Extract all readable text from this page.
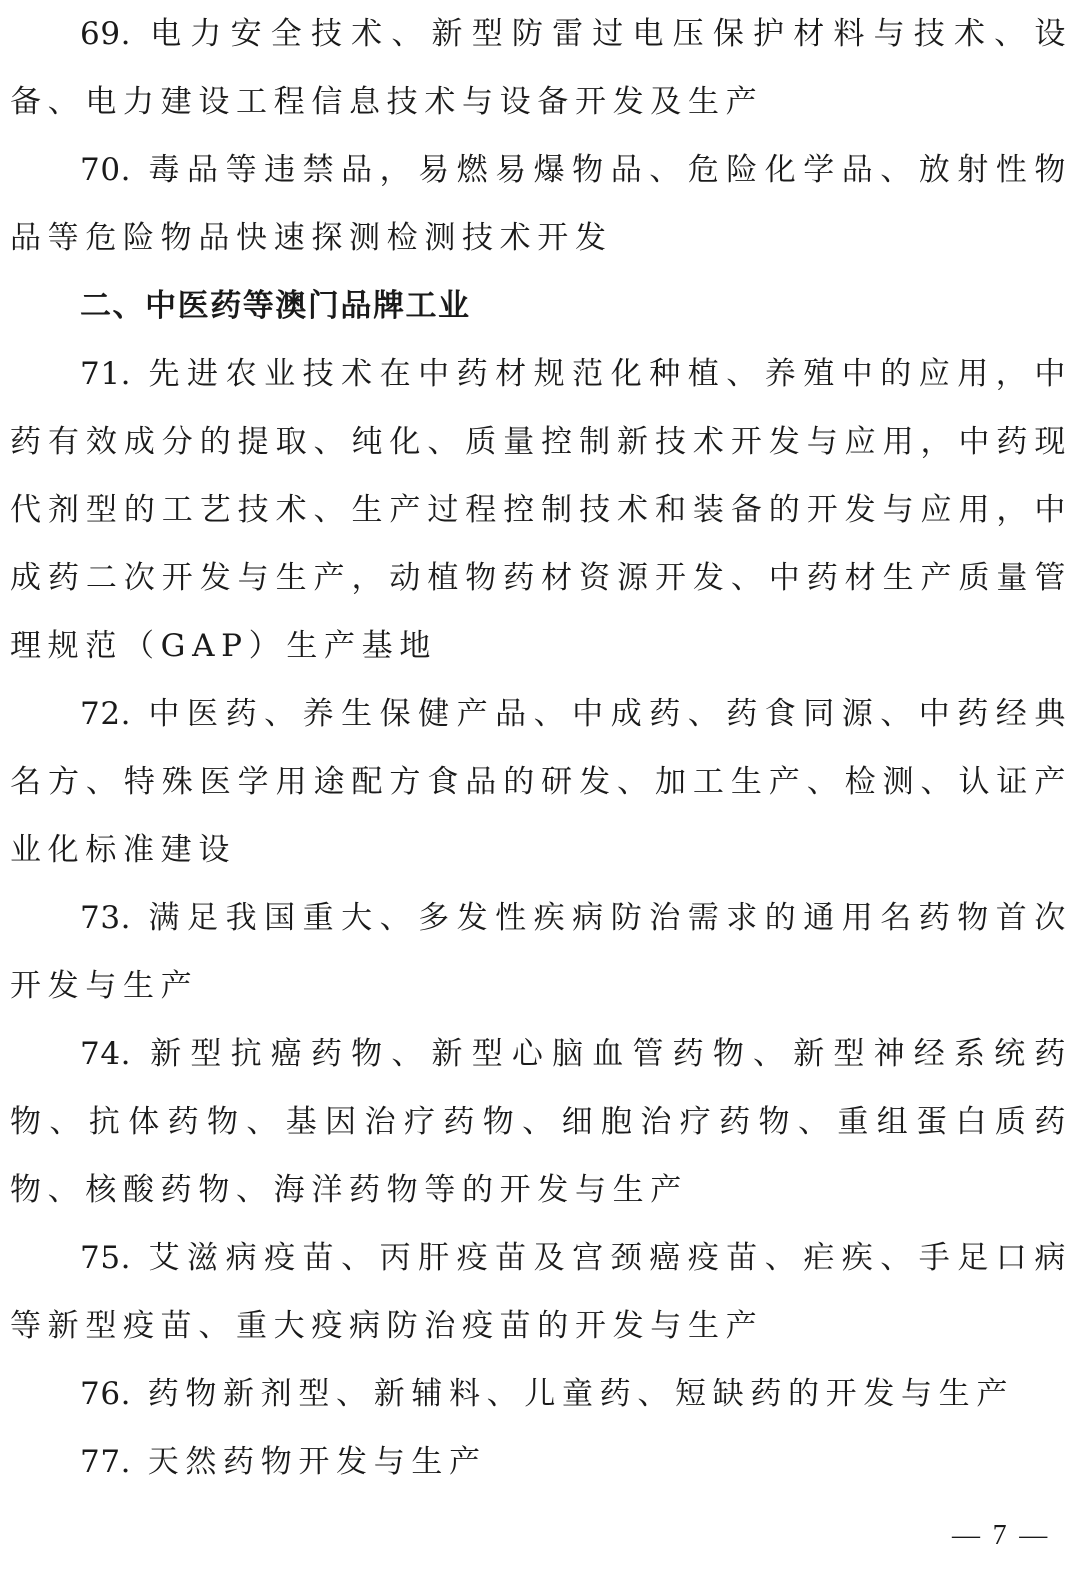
69. 电力安全技术、新型防雷过电压保护材料与技术、设备、电力建设工程信息技术与设备开发及生产

70. 毒品等违禁品，易燃易爆物品、危险化学品、放射性物品等危险物品快速探测检测技术开发

二、中医药等澳门品牌工业

71. 先进农业技术在中药材规范化种植、养殖中的应用，中药有效成分的提取、纯化、质量控制新技术开发与应用，中药现代剂型的工艺技术、生产过程控制技术和装备的开发与应用，中成药二次开发与生产，动植物药材资源开发、中药材生产质量管理规范（GAP）生产基地

72. 中医药、养生保健产品、中成药、药食同源、中药经典名方、特殊医学用途配方食品的研发、加工生产、检测、认证产业化标准建设

73. 满足我国重大、多发性疾病防治需求的通用名药物首次开发与生产

74. 新型抗癌药物、新型心脑血管药物、新型神经系统药物、抗体药物、基因治疗药物、细胞治疗药物、重组蛋白质药物、核酸药物、海洋药物等的开发与生产

75. 艾滋病疫苗、丙肝疫苗及宫颈癌疫苗、疟疾、手足口病等新型疫苗、重大疫病防治疫苗的开发与生产

76. 药物新剂型、新辅料、儿童药、短缺药的开发与生产

77. 天然药物开发与生产

— 7 —
